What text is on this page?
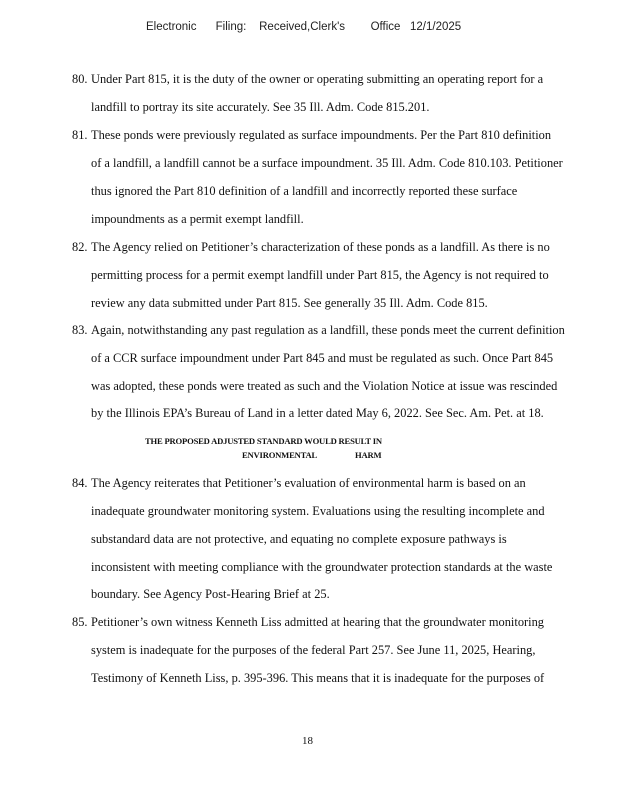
Electronic      Filing:    Received,Clerk's        Office   12/1/2025
80. Under Part 815, it is the duty of the owner or operating submitting an operating report for a
landfill to portray its site accurately. See 35 Ill. Adm. Code 815.201.
81. These ponds were previously regulated as surface impoundments. Per the Part 810 definition
of a landfill, a landfill cannot be a surface impoundment. 35 Ill. Adm. Code 810.103. Petitioner
thus ignored the Part 810 definition of a landfill and incorrectly reported these surface
impoundments as a permit exempt landfill.
82. The Agency relied on Petitioner’s characterization of these ponds as a landfill. As there is no
permitting process for a permit exempt landfill under Part 815, the Agency is not required to
review any data submitted under Part 815. See generally 35 Ill. Adm. Code 815.
83. Again, notwithstanding any past regulation as a landfill, these ponds meet the current definition
of a CCR surface impoundment under Part 845 and must be regulated as such. Once Part 845
was adopted, these ponds were treated as such and the Violation Notice at issue was rescinded
by the Illinois EPA’s Bureau of Land in a letter dated May 6, 2022. See Sec. Am. Pet. at 18.
THE PROPOSED ADJUSTED STANDARD WOULD RESULT IN
ENVIRONMENTAL	HARM
84. The Agency reiterates that Petitioner’s evaluation of environmental harm is based on an
inadequate groundwater monitoring system. Evaluations using the resulting incomplete and
substandard data are not protective, and equating no complete exposure pathways is
inconsistent with meeting compliance with the groundwater protection standards at the waste
boundary. See Agency Post-Hearing Brief at 25.
85. Petitioner’s own witness Kenneth Liss admitted at hearing that the groundwater monitoring
system is inadequate for the purposes of the federal Part 257. See June 11, 2025, Hearing,
Testimony of Kenneth Liss, p. 395-396. This means that it is inadequate for the purposes of
18
